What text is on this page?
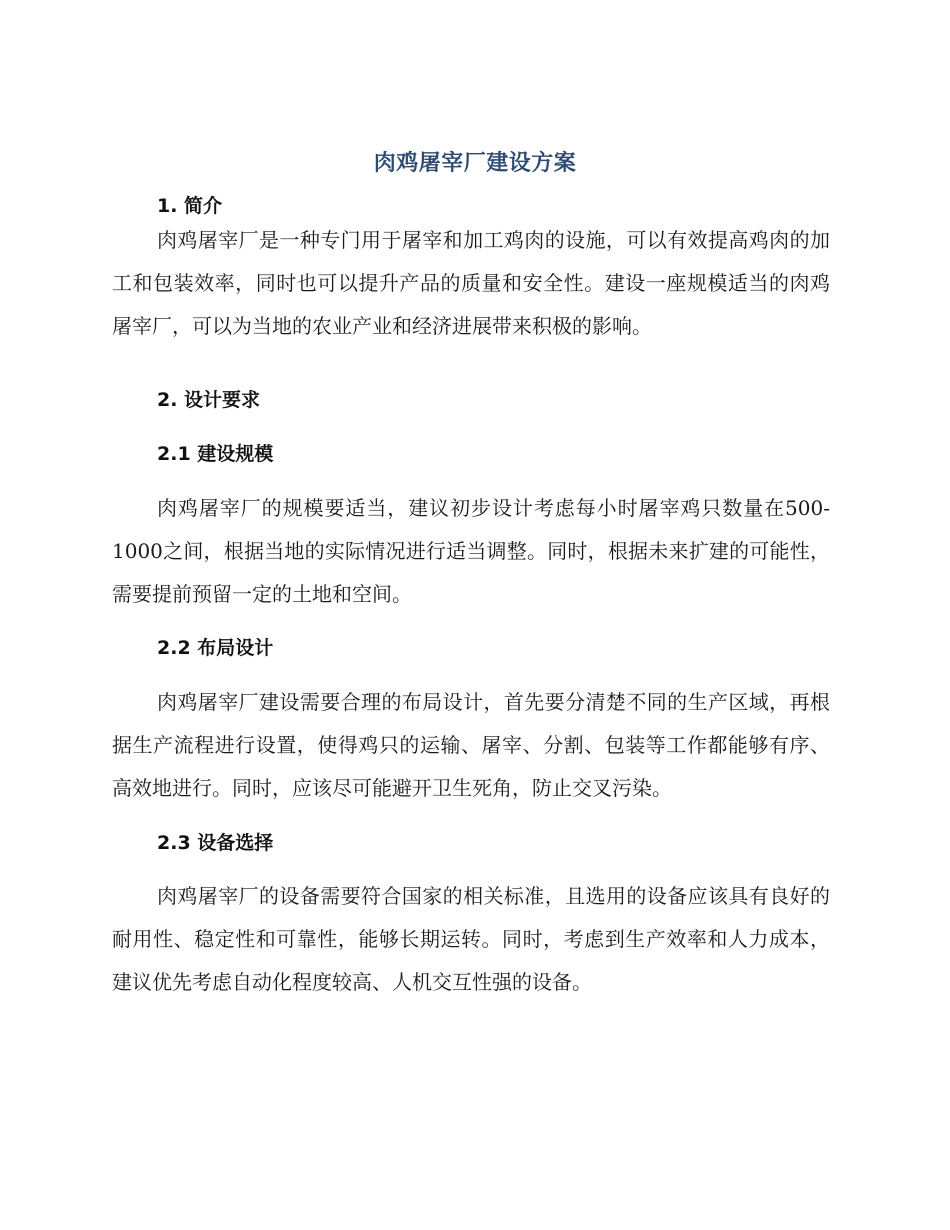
肉鸡屠宰厂建设方案
1. 简介

肉鸡屠宰厂是一种专门用于屠宰和加工鸡肉的设施，可以有效提高鸡肉的加工和包装效率，同时也可以提升产品的质量和安全性。建设一座规模适当的肉鸡屠宰厂，可以为当地的农业产业和经济进展带来积极的影响。

2. 设计要求
2.1 建设规模

肉鸡屠宰厂的规模要适当，建议初步设计考虑每小时屠宰鸡只数量在500-1000之间，根据当地的实际情况进行适当调整。同时，根据未来扩建的可能性，需要提前预留一定的土地和空间。

2.2 布局设计

肉鸡屠宰厂建设需要合理的布局设计，首先要分清楚不同的生产区域，再根据生产流程进行设置，使得鸡只的运输、屠宰、分割、包装等工作都能够有序、高效地进行。同时，应该尽可能避开卫生死角，防止交叉污染。

2.3 设备选择

肉鸡屠宰厂的设备需要符合国家的相关标准，且选用的设备应该具有良好的耐用性、稳定性和可靠性，能够长期运转。同时，考虑到生产效率和人力成本，建议优先考虑自动化程度较高、人机交互性强的设备。
